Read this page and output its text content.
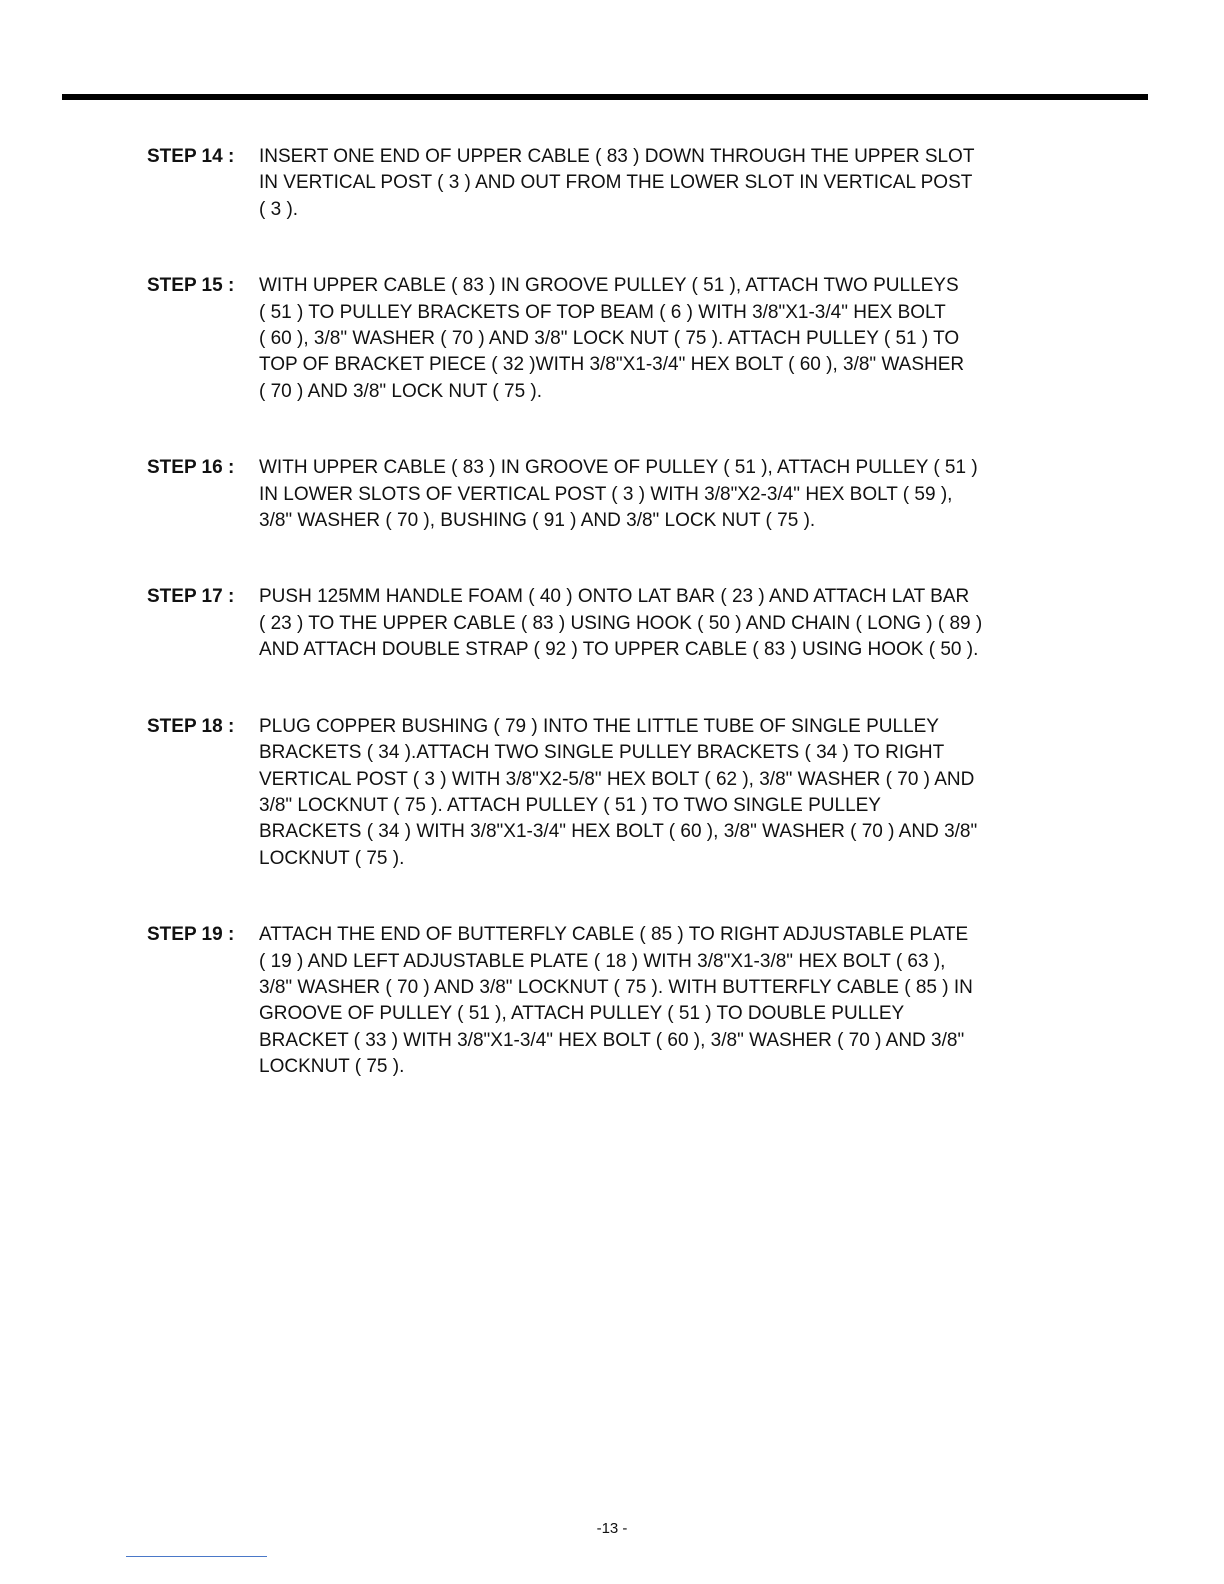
STEP 14 :	INSERT ONE END OF UPPER CABLE ( 83 ) DOWN THROUGH THE UPPER SLOT
IN VERTICAL POST ( 3 ) AND OUT FROM THE LOWER SLOT IN VERTICAL POST
( 3 ).
STEP 15 :	WITH UPPER CABLE ( 83 ) IN GROOVE PULLEY ( 51 ), ATTACH TWO PULLEYS
( 51 ) TO PULLEY BRACKETS OF TOP BEAM ( 6 ) WITH 3/8"X1-3/4" HEX BOLT
( 60 ), 3/8" WASHER ( 70 ) AND 3/8" LOCK NUT ( 75 ). ATTACH PULLEY ( 51 ) TO
TOP OF BRACKET PIECE ( 32 )WITH 3/8"X1-3/4" HEX BOLT ( 60 ), 3/8" WASHER
( 70 ) AND 3/8" LOCK NUT ( 75 ).
STEP 16 :	WITH UPPER CABLE ( 83 ) IN GROOVE OF PULLEY ( 51 ), ATTACH PULLEY ( 51 )
IN LOWER SLOTS OF VERTICAL POST ( 3 ) WITH 3/8"X2-3/4" HEX BOLT ( 59 ),
3/8" WASHER ( 70 ), BUSHING ( 91 ) AND 3/8" LOCK NUT ( 75 ).
STEP 17 :	PUSH 125MM HANDLE FOAM ( 40 ) ONTO LAT BAR ( 23 ) AND ATTACH LAT BAR
( 23 ) TO THE UPPER CABLE ( 83 ) USING HOOK ( 50 ) AND CHAIN ( LONG ) ( 89 )
AND ATTACH DOUBLE STRAP ( 92 ) TO UPPER CABLE ( 83 ) USING HOOK ( 50 ).
STEP 18 :	PLUG COPPER BUSHING ( 79 ) INTO THE LITTLE TUBE OF SINGLE PULLEY
BRACKETS ( 34 ).ATTACH TWO SINGLE PULLEY BRACKETS ( 34 ) TO RIGHT
VERTICAL POST ( 3 ) WITH 3/8"X2-5/8" HEX BOLT ( 62 ), 3/8" WASHER ( 70 ) AND
3/8" LOCKNUT ( 75 ). ATTACH PULLEY ( 51 ) TO TWO SINGLE PULLEY
BRACKETS ( 34 ) WITH 3/8"X1-3/4" HEX BOLT ( 60 ), 3/8" WASHER ( 70 ) AND 3/8"
LOCKNUT ( 75 ).
STEP 19 :	ATTACH THE END OF BUTTERFLY CABLE ( 85 ) TO RIGHT ADJUSTABLE PLATE
( 19 ) AND LEFT ADJUSTABLE PLATE ( 18 ) WITH 3/8"X1-3/8" HEX BOLT ( 63 ),
3/8" WASHER ( 70 ) AND 3/8" LOCKNUT ( 75 ). WITH BUTTERFLY CABLE ( 85 ) IN
GROOVE OF PULLEY ( 51 ), ATTACH PULLEY ( 51 ) TO DOUBLE PULLEY
BRACKET ( 33 ) WITH 3/8"X1-3/4" HEX BOLT ( 60 ), 3/8" WASHER ( 70 ) AND 3/8"
LOCKNUT ( 75 ).
-13 -
